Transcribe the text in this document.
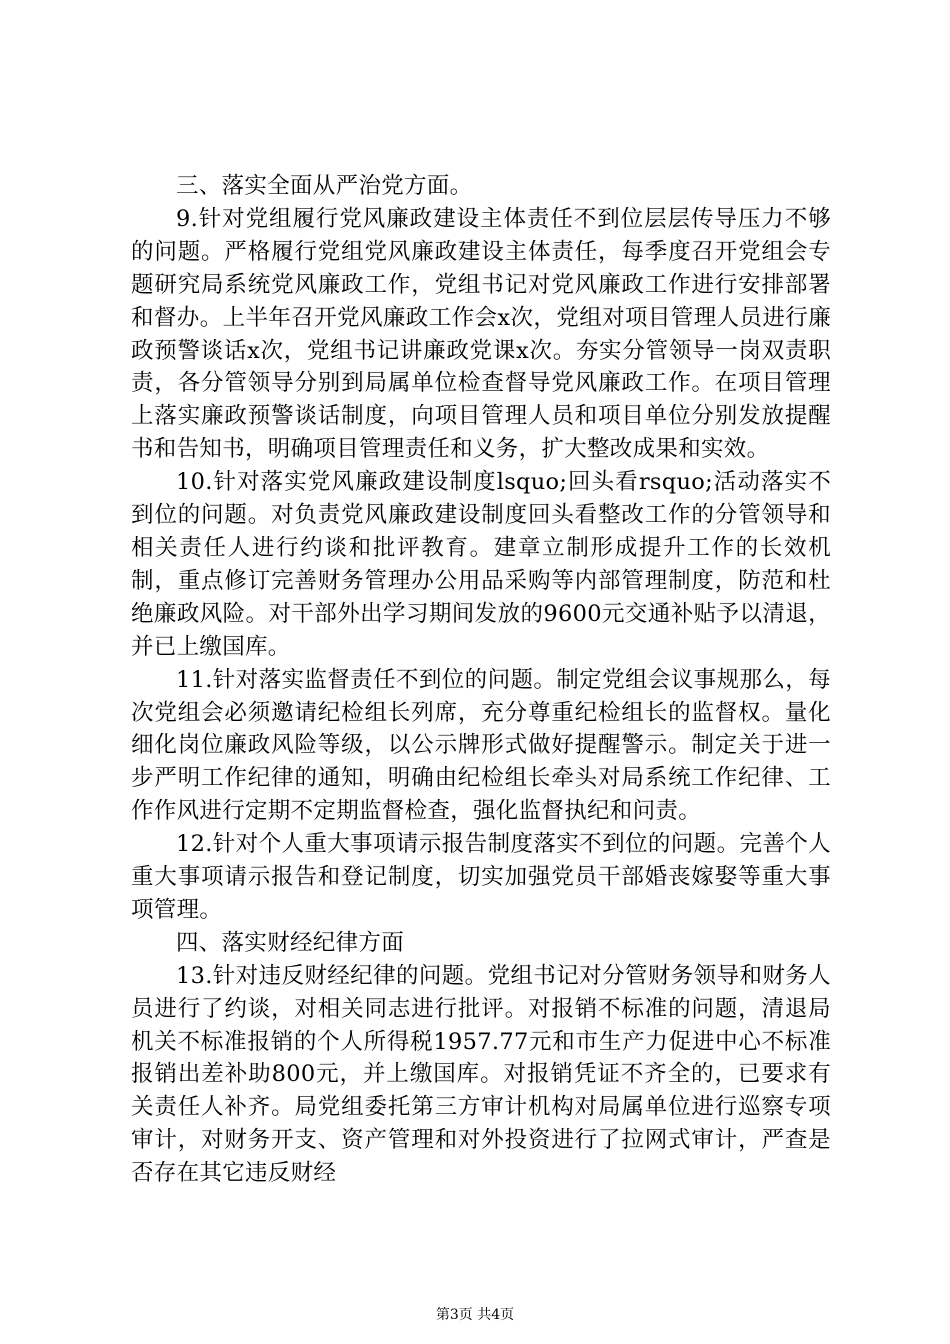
三、落实全面从严治党方面。

9.针对党组履行党风廉政建设主体责任不到位层层传导压力不够的问题。严格履行党组党风廉政建设主体责任，每季度召开党组会专题研究局系统党风廉政工作，党组书记对党风廉政工作进行安排部署和督办。上半年召开党风廉政工作会x次，党组对项目管理人员进行廉政预警谈话x次，党组书记讲廉政党课x次。夯实分管领导一岗双责职责，各分管领导分别到局属单位检查督导党风廉政工作。在项目管理上落实廉政预警谈话制度，向项目管理人员和项目单位分别发放提醒书和告知书，明确项目管理责任和义务，扩大整改成果和实效。

10.针对落实党风廉政建设制度lsquo;回头看rsquo;活动落实不到位的问题。对负责党风廉政建设制度回头看整改工作的分管领导和相关责任人进行约谈和批评教育。建章立制形成提升工作的长效机制，重点修订完善财务管理办公用品采购等内部管理制度，防范和杜绝廉政风险。对干部外出学习期间发放的9600元交通补贴予以清退，并已上缴国库。

11.针对落实监督责任不到位的问题。制定党组会议事规那么，每次党组会必须邀请纪检组长列席，充分尊重纪检组长的监督权。量化细化岗位廉政风险等级，以公示牌形式做好提醒警示。制定关于进一步严明工作纪律的通知，明确由纪检组长牵头对局系统工作纪律、工作作风进行定期不定期监督检查，强化监督执纪和问责。

12.针对个人重大事项请示报告制度落实不到位的问题。完善个人重大事项请示报告和登记制度，切实加强党员干部婚丧嫁娶等重大事项管理。

四、落实财经纪律方面

13.针对违反财经纪律的问题。党组书记对分管财务领导和财务人员进行了约谈，对相关同志进行批评。对报销不标准的问题，清退局机关不标准报销的个人所得税1957.77元和市生产力促进中心不标准报销出差补助800元，并上缴国库。对报销凭证不齐全的，已要求有关责任人补齐。局党组委托第三方审计机构对局属单位进行巡察专项审计，对财务开支、资产管理和对外投资进行了拉网式审计，严查是否存在其它违反财经

第3页 共4页
